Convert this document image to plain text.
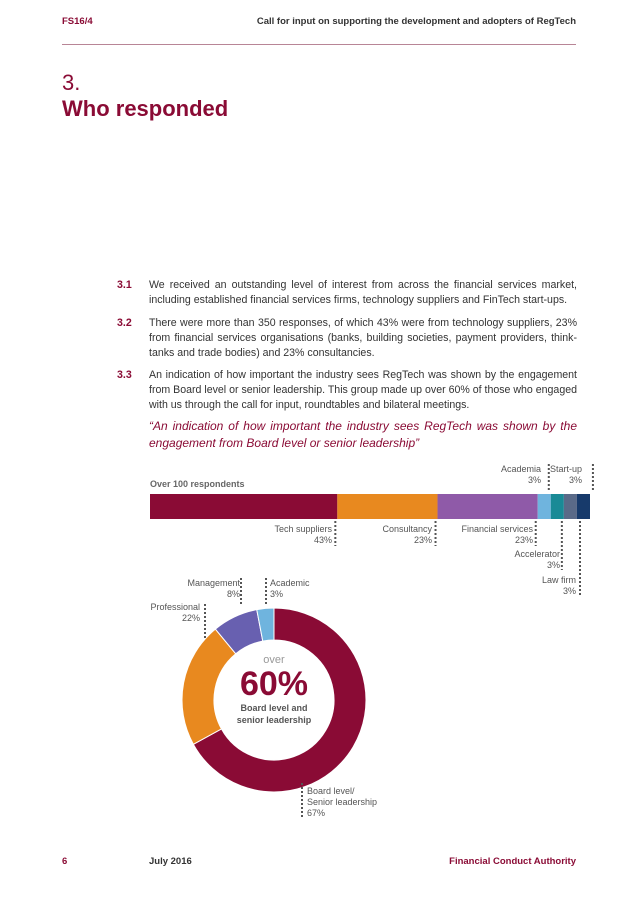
FS16/4	Call for input on supporting the development and adopters of RegTech
3.
Who responded
3.1 We received an outstanding level of interest from across the financial services market, including established financial services firms, technology suppliers and FinTech start-ups.
3.2 There were more than 350 responses, of which 43% were from technology suppliers, 23% from financial services organisations (banks, building societies, payment providers, think-tanks and trade bodies) and 23% consultancies.
3.3 An indication of how important the industry sees RegTech was shown by the engagement from Board level or senior leadership. This group made up over 60% of those who engaged with us through the call for input, roundtables and bilateral meetings.
“An indication of how important the industry sees RegTech was shown by the engagement from Board level or senior leadership”
Over 100 respondents
Academia
3%
Start-up
3%
Tech suppliers
43%
Consultancy
23%
Financial services
23%
Accelerator
3%
Law firm
3%
Management
8%
Academic
3%
Professional
22%
Board level/
Senior leadership
67%
over
60%
Board level and
senior leadership
6	July 2016	Financial Conduct Authority
